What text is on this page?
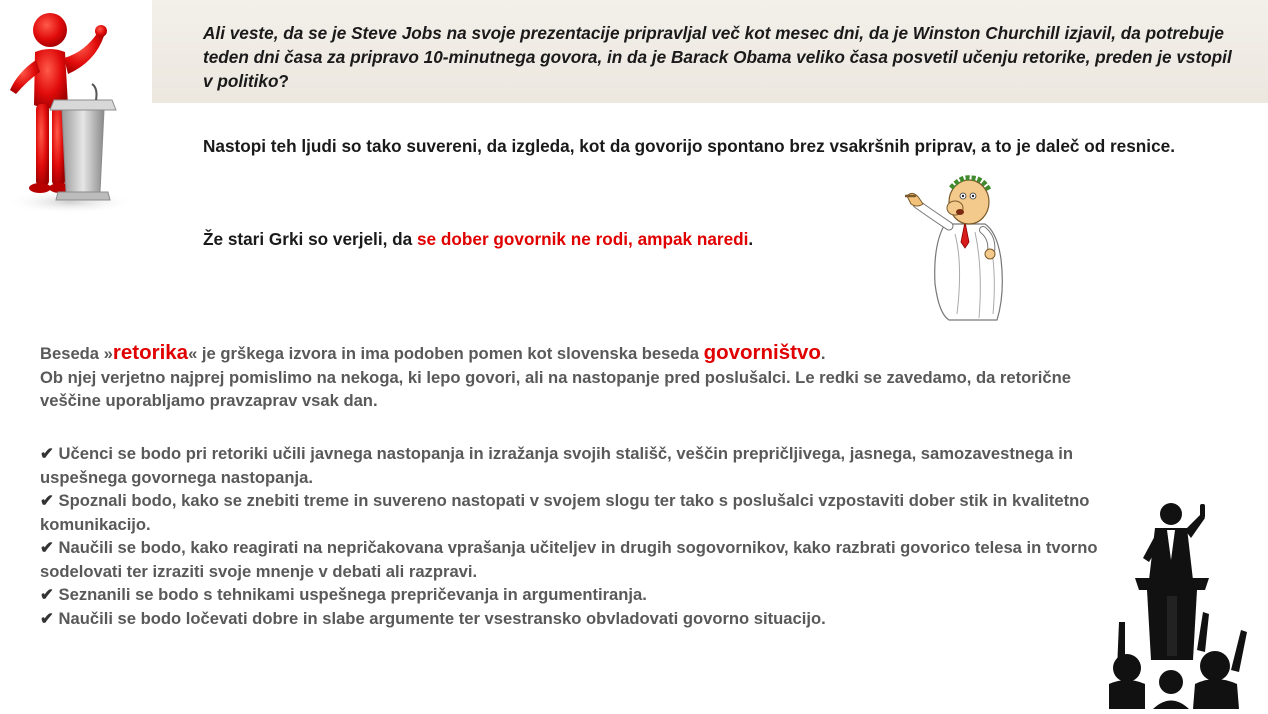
Ali veste, da se je Steve Jobs na svoje prezentacije pripravljal več kot mesec dni, da je Winston Churchill izjavil, da potrebuje teden dni časa za pripravo 10-minutnega govora, in da je Barack Obama veliko časa posvetil učenju retorike, preden je vstopil v politiko?

Nastopi teh ljudi so tako suvereni, da izgleda, kot da govorijo spontano brez vsakršnih priprav, a to je daleč od resnice.

Že stari Grki so verjeli, da se dober govornik ne rodi, ampak naredi.

Beseda »retorika« je grškega izvora in ima podoben pomen kot slovenska beseda govorništvo.
Ob njej verjetno najprej pomislimo na nekoga, ki lepo govori, ali na nastopanje pred poslušalci. Le redki se zavedamo, da retorične veščine uporabljamo pravzaprav vsak dan.

✔ Učenci se bodo pri retoriki učili javnega nastopanja in izražanja svojih stališč, veščin prepričljivega, jasnega, samozavestnega in uspešnega govornega nastopanja.
✔ Spoznali bodo, kako se znebiti treme in suvereno nastopati v svojem slogu ter tako s poslušalci vzpostaviti dober stik in kvalitetno komunikacijo.
✔ Naučili se bodo, kako reagirati na nepričakovana vprašanja učiteljev in drugih sogovornikov, kako razbrati govorico telesa in tvorno sodelovati ter izraziti svoje mnenje v debati ali razpravi.
✔ Seznanili se bodo s tehnikami uspešnega prepričevanja in argumentiranja.
✔ Naučili se bodo ločevati dobre in slabe argumente ter vsestransko obvladovati govorno situacijo.
